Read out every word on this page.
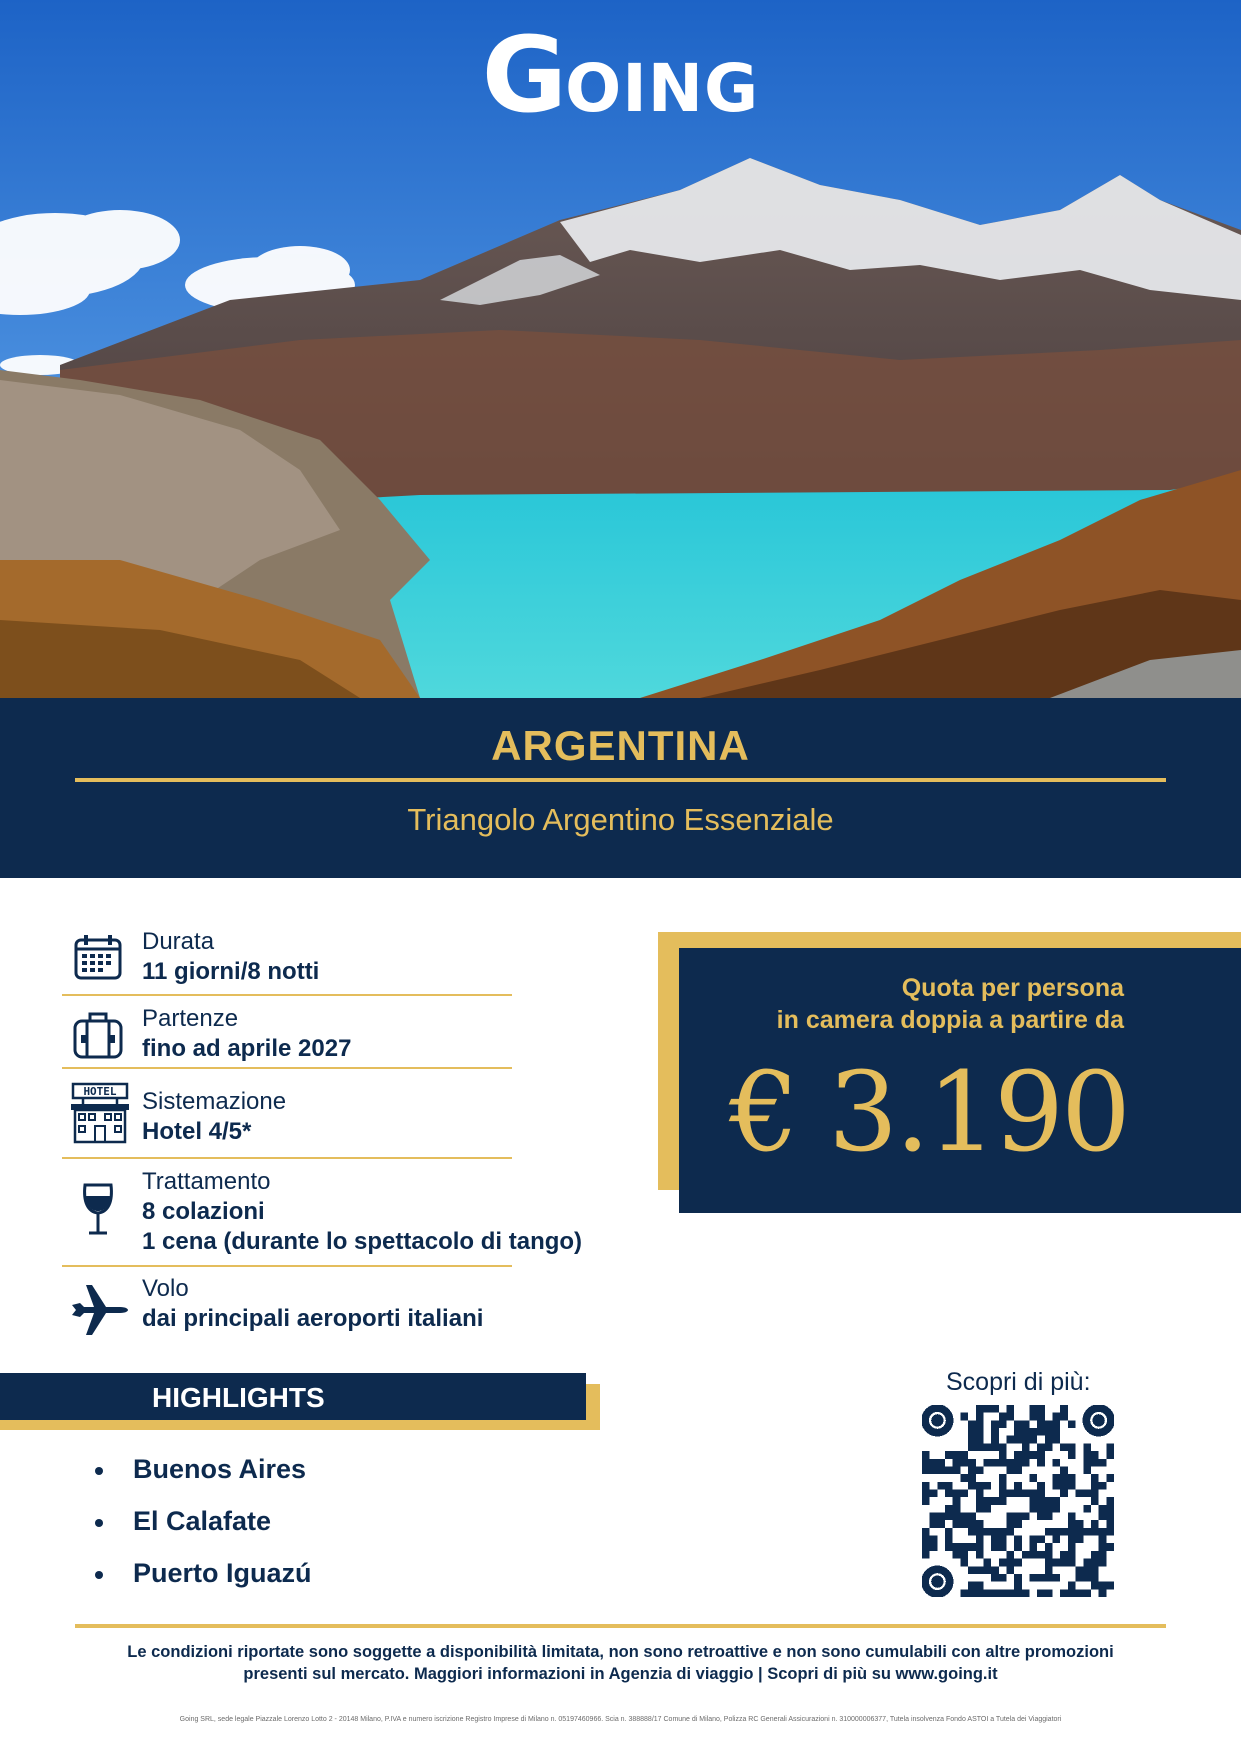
GOING
ARGENTINA
Triangolo Argentino Essenziale
Durata
11 giorni/8 notti
Partenze
fino ad aprile 2027
HOTEL Sistemazione
Hotel 4/5*
Trattamento
8 colazioni
1 cena (durante lo spettacolo di tango)
Volo
dai principali aeroporti italiani
Quota per persona
in camera doppia a partire da
€ 3.190
HIGHLIGHTS
Buenos Aires
El Calafate
Puerto Iguazú
Scopri di più:
Le condizioni riportate sono soggette a disponibilità limitata, non sono retroattive e non sono cumulabili con altre promozioni
presenti sul mercato. Maggiori informazioni in Agenzia di viaggio | Scopri di più su www.going.it
Going SRL, sede legale Piazzale Lorenzo Lotto 2 - 20148 Milano, P.IVA e numero iscrizione Registro Imprese di Milano n. 05197460966. Scia n. 388888/17 Comune di Milano, Polizza RC Generali Assicurazioni n. 310000006377, Tutela insolvenza Fondo ASTOI a Tutela dei Viaggiatori
